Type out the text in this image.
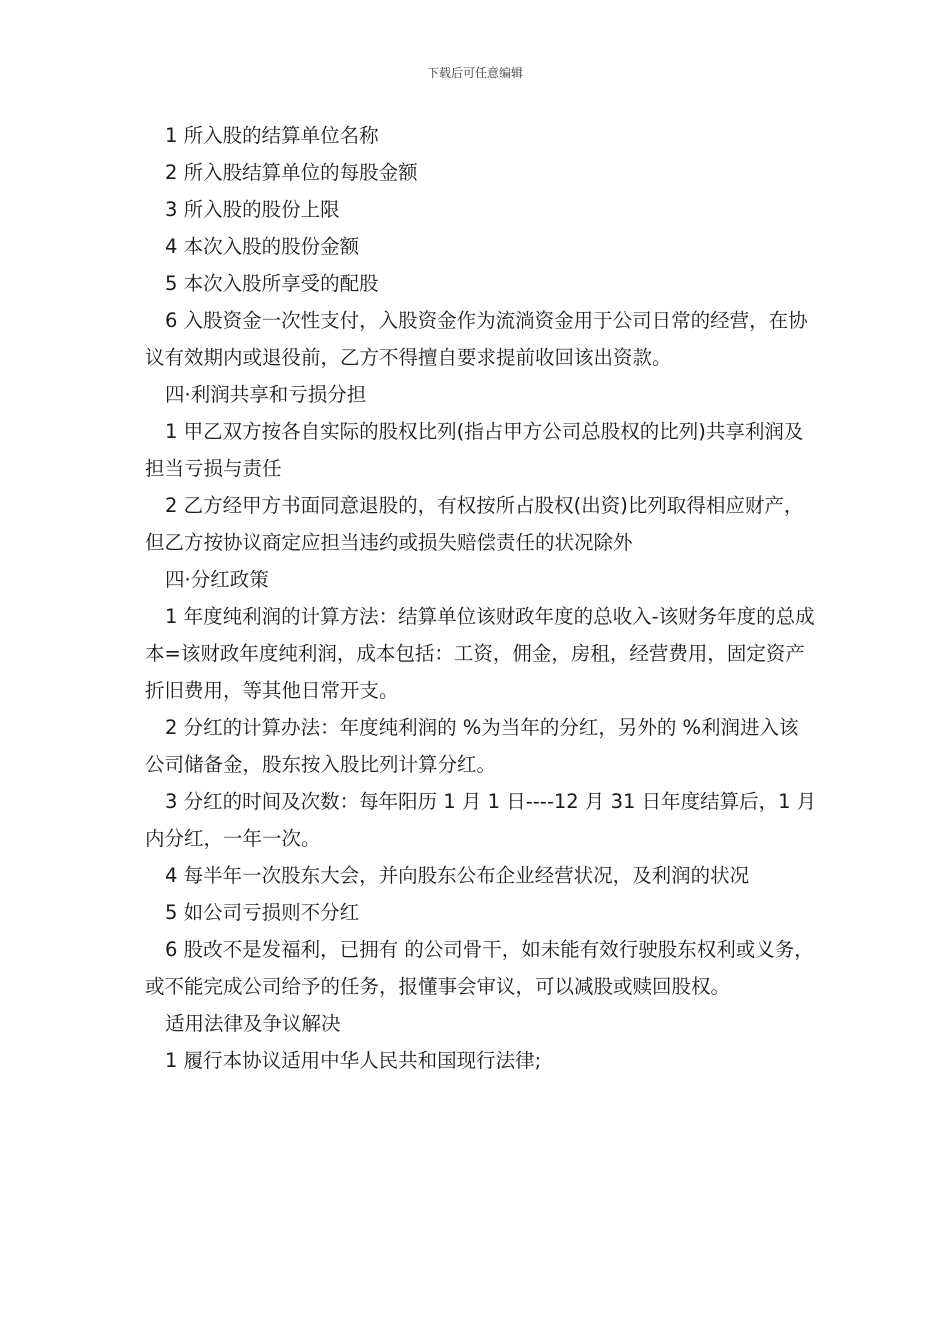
下载后可任意编辑

1 所入股的结算单位名称

2 所入股结算单位的每股金额

3 所入股的股份上限

4 本次入股的股份金额

5 本次入股所享受的配股

6 入股资金一次性支付，入股资金作为流淌资金用于公司日常的经营，在协议有效期内或退役前，乙方不得擅自要求提前收回该出资款。

四·利润共享和亏损分担

1 甲乙双方按各自实际的股权比列(指占甲方公司总股权的比列)共享利润及担当亏损与责任

2 乙方经甲方书面同意退股的，有权按所占股权(出资)比列取得相应财产，但乙方按协议商定应担当违约或损失赔偿责任的状况除外

四·分红政策

1 年度纯利润的计算方法：结算单位该财政年度的总收入-该财务年度的总成本=该财政年度纯利润，成本包括：工资，佣金，房租，经营费用，固定资产折旧费用，等其他日常开支。

2 分红的计算办法：年度纯利润的 %为当年的分红，另外的 %利润进入该公司储备金，股东按入股比列计算分红。

3 分红的时间及次数：每年阳历 1 月 1 日----12 月 31 日年度结算后，1 月内分红，一年一次。

4 每半年一次股东大会，并向股东公布企业经营状况，及利润的状况

5 如公司亏损则不分红

6 股改不是发福利，已拥有 的公司骨干，如未能有效行驶股东权利或义务，或不能完成公司给予的任务，报懂事会审议，可以减股或赎回股权。

适用法律及争议解决

1 履行本协议适用中华人民共和国现行法律;
